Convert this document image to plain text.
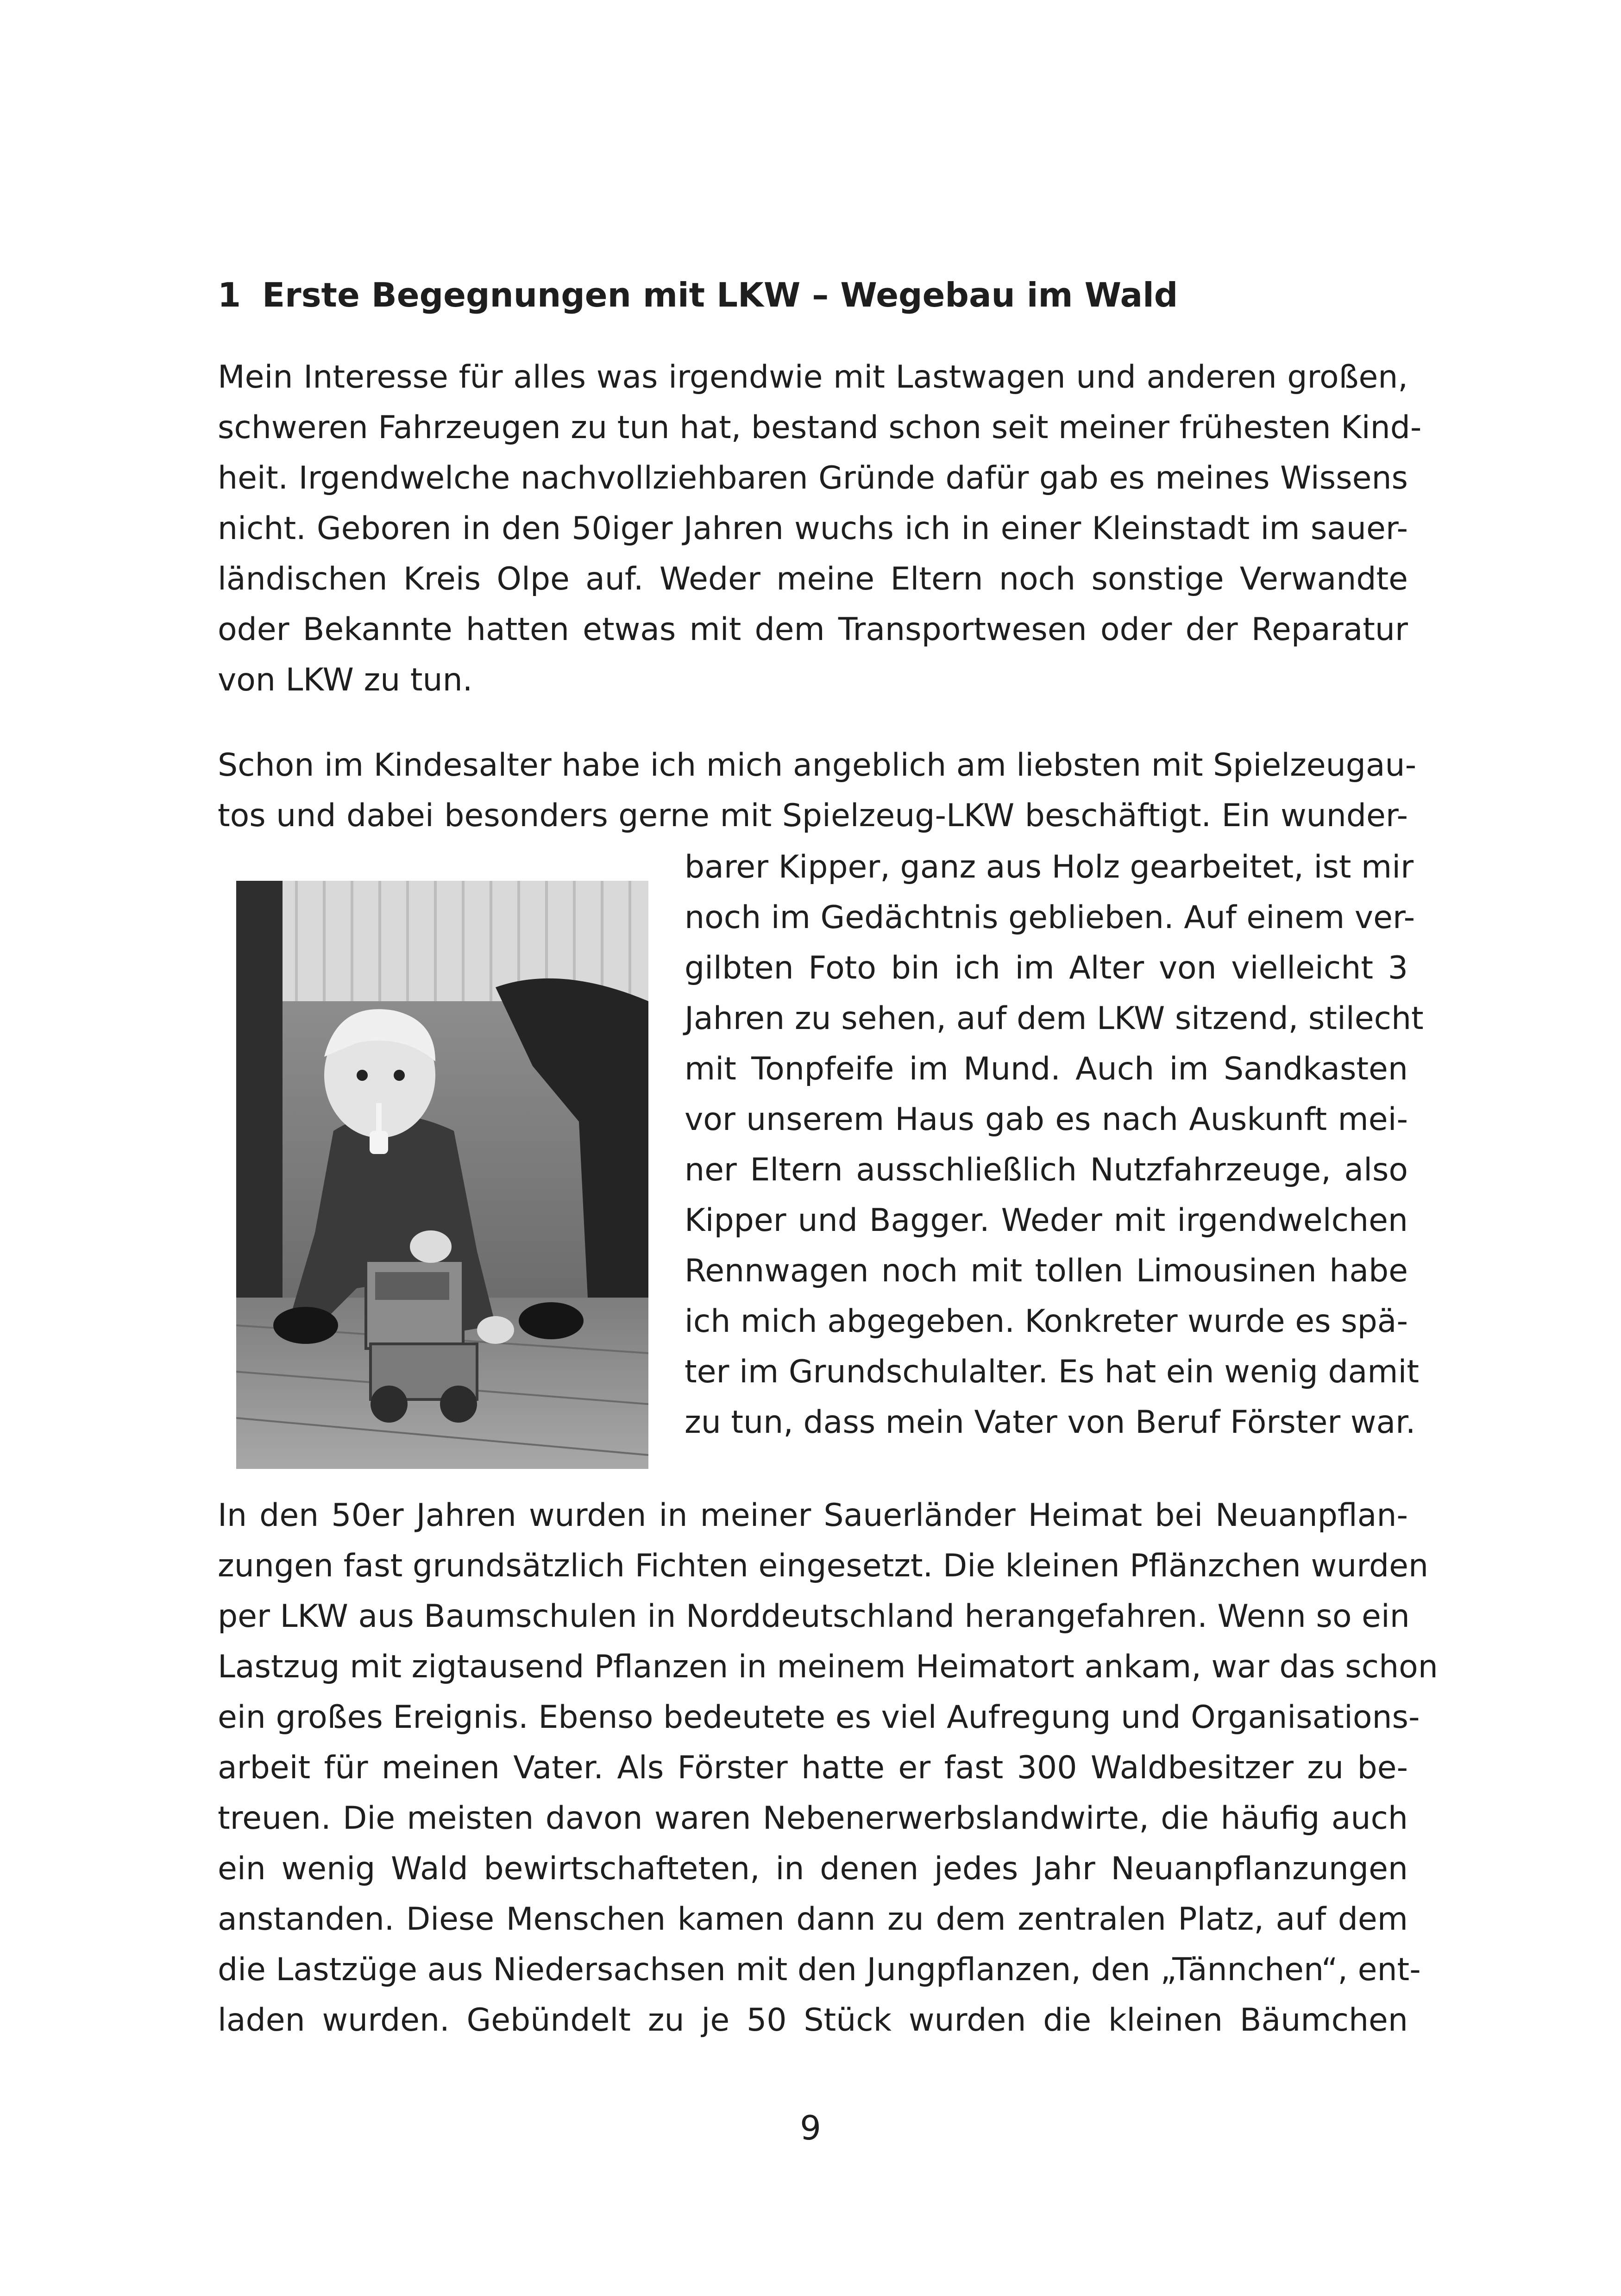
1 Erste Begegnungen mit LKW – Wegebau im Wald
Mein Interesse für alles was irgendwie mit Lastwagen und anderen großen,
schweren Fahrzeugen zu tun hat, bestand schon seit meiner frühesten Kind-
heit. Irgendwelche nachvollziehbaren Gründe dafür gab es meines Wissens
nicht. Geboren in den 50iger Jahren wuchs ich in einer Kleinstadt im sauer-
ländischen Kreis Olpe auf. Weder meine Eltern noch sonstige Verwandte
oder Bekannte hatten etwas mit dem Transportwesen oder der Reparatur
von LKW zu tun.
Schon im Kindesalter habe ich mich angeblich am liebsten mit Spielzeugau-
tos und dabei besonders gerne mit Spielzeug-LKW beschäftigt. Ein wunder-
barer Kipper, ganz aus Holz gearbeitet, ist mir
noch im Gedächtnis geblieben. Auf einem ver-
gilbten Foto bin ich im Alter von vielleicht 3
Jahren zu sehen, auf dem LKW sitzend, stilecht
mit Tonpfeife im Mund. Auch im Sandkasten
vor unserem Haus gab es nach Auskunft mei-
ner Eltern ausschließlich Nutzfahrzeuge, also
Kipper und Bagger. Weder mit irgendwelchen
Rennwagen noch mit tollen Limousinen habe
ich mich abgegeben. Konkreter wurde es spä-
ter im Grundschulalter. Es hat ein wenig damit
zu tun, dass mein Vater von Beruf Förster war.
In den 50er Jahren wurden in meiner Sauerländer Heimat bei Neuanpflan-
zungen fast grundsätzlich Fichten eingesetzt. Die kleinen Pflänzchen wurden
per LKW aus Baumschulen in Norddeutschland herangefahren. Wenn so ein
Lastzug mit zigtausend Pflanzen in meinem Heimatort ankam, war das schon
ein großes Ereignis. Ebenso bedeutete es viel Aufregung und Organisations-
arbeit für meinen Vater. Als Förster hatte er fast 300 Waldbesitzer zu be-
treuen. Die meisten davon waren Nebenerwerbslandwirte, die häufig auch
ein wenig Wald bewirtschafteten, in denen jedes Jahr Neuanpflanzungen
anstanden. Diese Menschen kamen dann zu dem zentralen Platz, auf dem
die Lastzüge aus Niedersachsen mit den Jungpflanzen, den „Tännchen“, ent-
laden wurden. Gebündelt zu je 50 Stück wurden die kleinen Bäumchen
9
